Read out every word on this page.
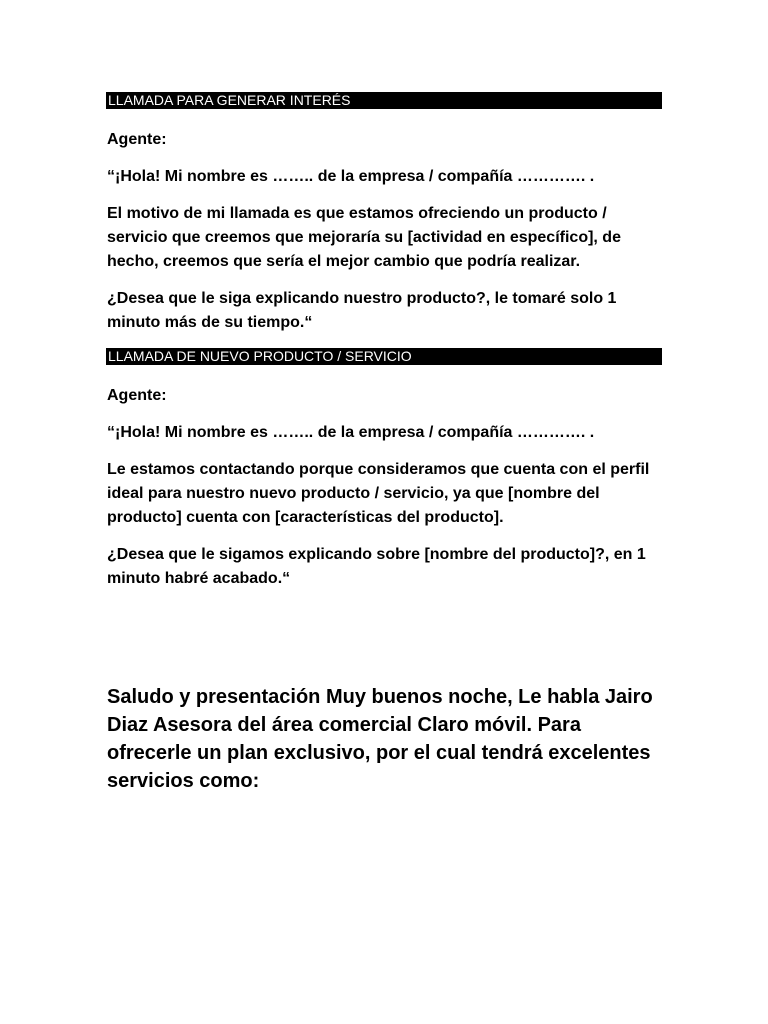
LLAMADA PARA GENERAR INTERÉS

Agente:

“¡Hola! Mi nombre es …….. de la empresa / compañía …………. .

El motivo de mi llamada es que estamos ofreciendo un producto / servicio que creemos que mejoraría su [actividad en específico], de hecho, creemos que sería el mejor cambio que podría realizar.

¿Desea que le siga explicando nuestro producto?, le tomaré solo 1 minuto más de su tiempo.“

LLAMADA DE NUEVO PRODUCTO / SERVICIO

Agente:

“¡Hola! Mi nombre es …….. de la empresa / compañía …………. .

Le estamos contactando porque consideramos que cuenta con el perfil ideal para nuestro nuevo producto / servicio, ya que [nombre del producto] cuenta con [características del producto].

¿Desea que le sigamos explicando sobre [nombre del producto]?, en 1 minuto habré acabado.“

Saludo y presentación Muy buenos noche, Le habla Jairo Diaz Asesora del área comercial Claro móvil. Para ofrecerle un plan exclusivo, por el cual tendrá excelentes servicios como:
